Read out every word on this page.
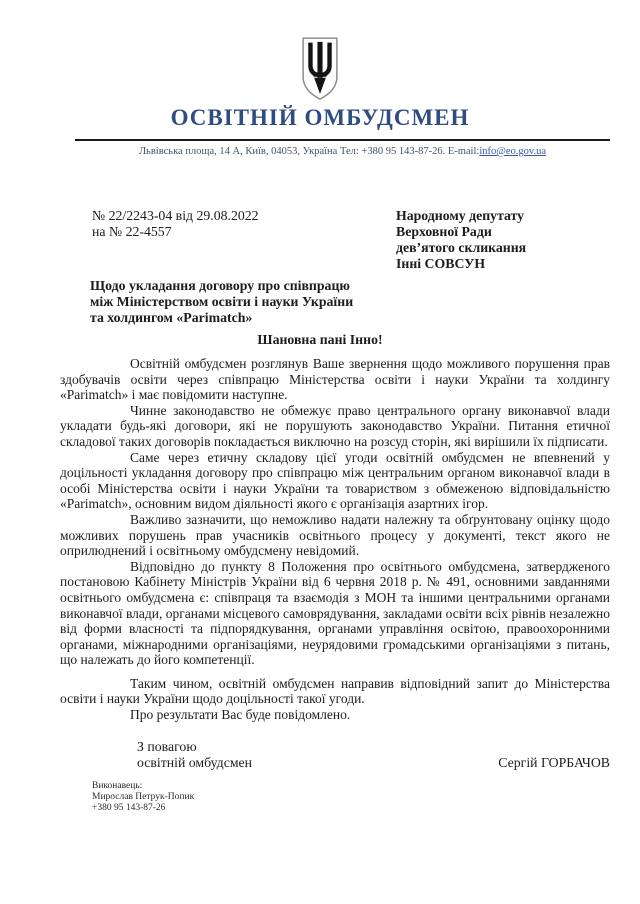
ОСВІТНІЙ ОМБУДСМЕН
Львівська площа, 14 А, Київ, 04053, Україна Тел: +380 95 143-87-26. E-mail:info@eo.gov.ua
№ 22/2243-04 від 29.08.2022
на № 22-4557
Народному депутату
Верховної Ради
дев’ятого скликання
Інні СОВСУН
Щодо укладання договору про співпрацю
між Міністерством освіти і науки України
та холдингом «Parimatch»
Шановна пані Інно!

Освітній омбудсмен розглянув Ваше звернення щодо можливого порушення прав здобувачів освіти через співпрацю Міністерства освіти і науки України та холдингу «Parimatch» і має повідомити наступне.

Чинне законодавство не обмежує право центрального органу виконавчої влади укладати будь-які договори, які не порушують законодавство України. Питання етичної складової таких договорів покладається виключно на розсуд сторін, які вирішили їх підписати.

Саме через етичну складову цієї угоди освітній омбудсмен не впевнений у доцільності укладання договору про співпрацю між центральним органом виконавчої влади в особі Міністерства освіти і науки України та товариством з обмеженою відповідальністю «Parimatch», основним видом діяльності якого є організація азартних ігор.

Важливо зазначити, що неможливо надати належну та обґрунтовану оцінку щодо можливих порушень прав учасників освітнього процесу у документі, текст якого не оприлюднений і освітньому омбудсмену невідомий.

Відповідно до пункту 8 Положення про освітнього омбудсмена, затвердженого постановою Кабінету Міністрів України від 6 червня 2018 р. № 491, основними завданнями освітнього омбудсмена є: співпраця та взаємодія з МОН та іншими центральними органами виконавчої влади, органами місцевого самоврядування, закладами освіти всіх рівнів незалежно від форми власності та підпорядкування, органами управління освітою, правоохоронними органами, міжнародними організаціями, неурядовими громадськими організаціями з питань, що належать до його компетенції.

Таким чином, освітній омбудсмен направив відповідний запит до Міністерства освіти і науки України щодо доцільності такої угоди.

Про результати Вас буде повідомлено.

З повагою
освітній омбудсмен	Сергій ГОРБАЧОВ
Виконавець:
Мирослав Петрук-Попик
+380 95 143-87-26
